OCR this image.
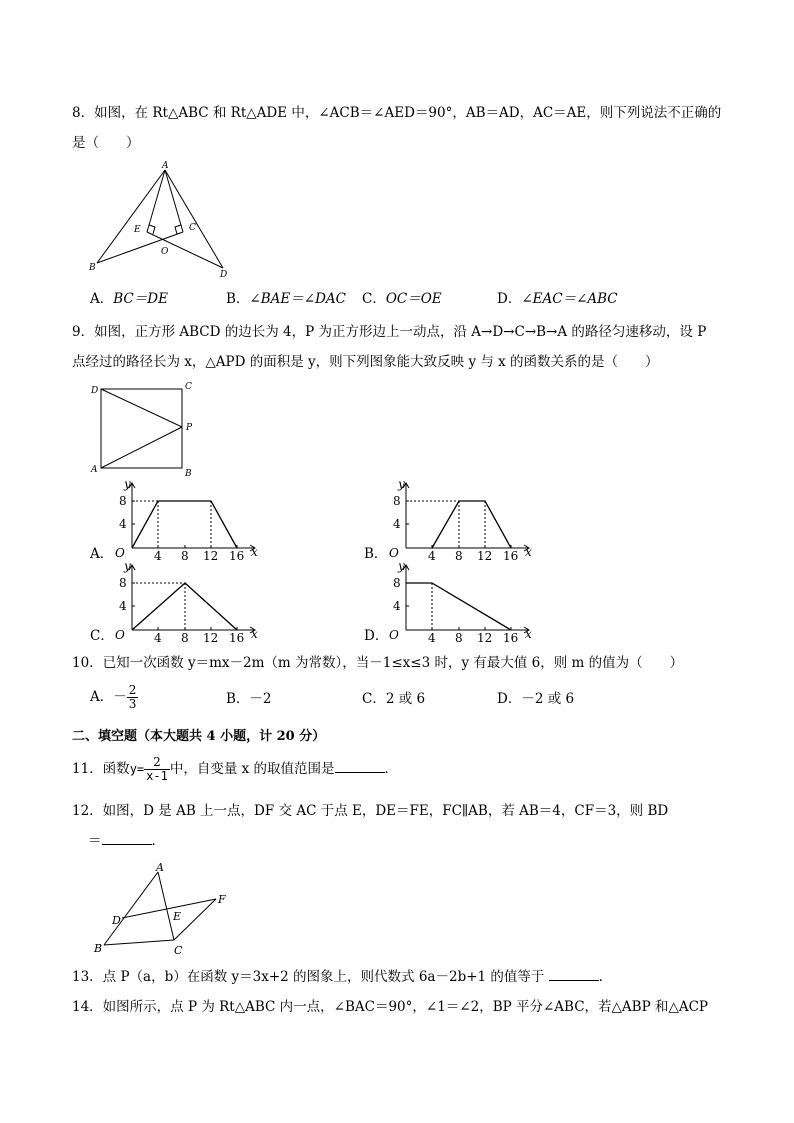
8．如图，在 Rt△ABC 和 Rt△ADE 中，∠ACB＝∠AED＝90°，AB＝AD，AC＝AE，则下列说法不正确的
是（　　）
A
B
C
D
E
O
A．BC＝DE	B．∠BAE＝∠DAC C．OC＝OE	D．∠EAC＝∠ABC
9．如图，正方形 ABCD 的边长为 4，P 为正方形边上一动点，沿 A→D→C→B→A 的路径匀速移动，设 P
点经过的路径长为 x，△APD 的面积是 y，则下列图象能大致反映 y 与 x 的函数关系的是（　　）
D	C
P
A	B
A．
y
x
O
4
8
4 8 12 16	B．
y
x
O
4
8
4 8 12 16
C．
y
x
O
4
8
4 8 12 16	D．
y
x
O
4
8
4 8 12 16
10．已知一次函数 y＝mx－2m（m 为常数），当－1≤x≤3 时，y 有最大值 6，则 m 的值为（　　）
A．－ $\frac{2}{3}$	B．－2	C．2 或 6	D．－2 或 6
二、填空题（本大题共 4 小题，计 20 分）
11．函数$y= \frac{2}{x-1}$ 中，自变量 x 的取值范围是	．
12．如图，D 是 AB 上一点，DF 交 AC 于点 E，DE＝FE，FC∥AB，若 AB＝4，CF＝3，则 BD
＝	．
A
B	C
D	E
F
13．点 P（a，b）在函数 y＝3x+2 的图象上，则代数式 6a－2b+1 的值等于	．
14．如图所示，点 P 为 Rt△ABC 内一点，∠BAC＝90°，∠1＝∠2，BP 平分∠ABC，若△ABP 和△ACP
